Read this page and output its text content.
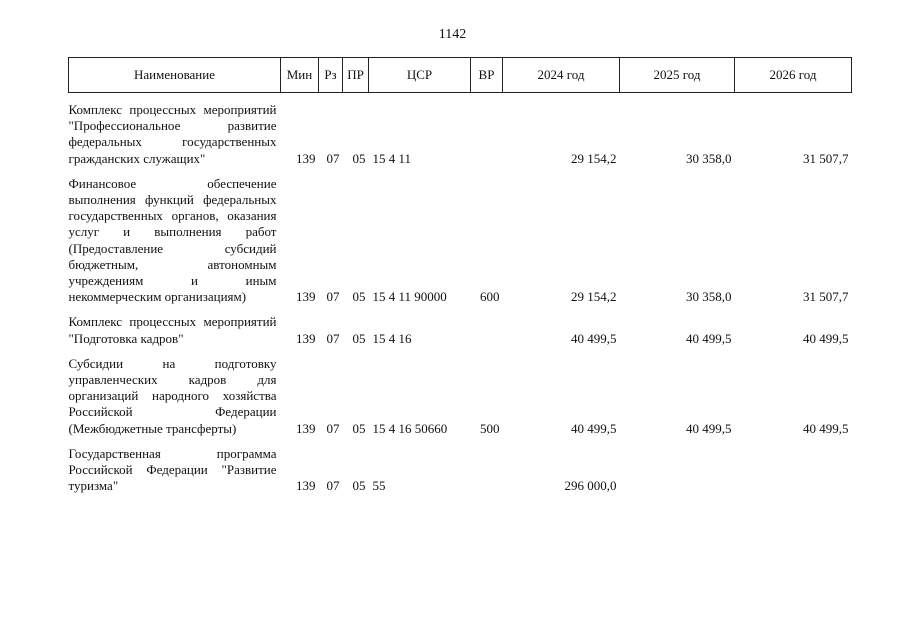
1142
Наименование	Мин	Рз	ПР	ЦСР	ВР	2024 год	2025 год	2026 год

Комплекс процессных мероприятий "Профессиональное развитие федеральных государственных гражданских служащих"	139	07	05	15 4 11		29 154,2	30 358,0	31 507,7

Финансовое обеспечение выполнения функций федеральных государственных органов, оказания услуг и выполнения работ (Предоставление субсидий бюджетным, автономным учреждениям и иным некоммерческим организациям)	139	07	05	15 4 11 90000	600	29 154,2	30 358,0	31 507,7

Комплекс процессных мероприятий "Подготовка кадров"	139	07	05	15 4 16		40 499,5	40 499,5	40 499,5

Субсидии на подготовку управленческих кадров для организаций народного хозяйства Российской Федерации (Межбюджетные трансферты)	139	07	05	15 4 16 50660	500	40 499,5	40 499,5	40 499,5

Государственная программа Российской Федерации "Развитие туризма"	139	07	05	55		296 000,0		
